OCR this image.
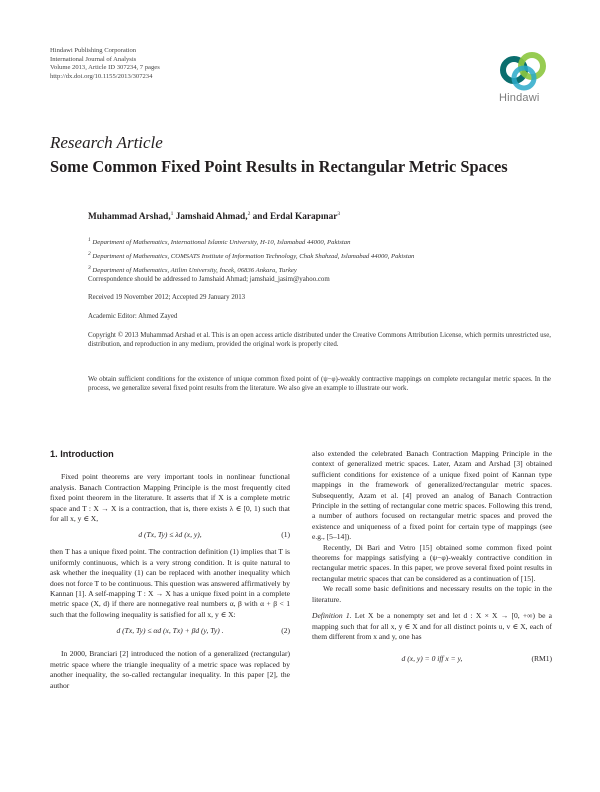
Hindawi Publishing Corporation
International Journal of Analysis
Volume 2013, Article ID 307234, 7 pages
http://dx.doi.org/10.1155/2013/307234
Hindawi
Research Article
Some Common Fixed Point Results in Rectangular Metric Spaces
Muhammad Arshad,$^1$ Jamshaid Ahmad,$^2$ and Erdal Karapınar$^3$
$^1$ Department of Mathematics, International Islamic University, H-10, Islamabad 44000, Pakistan
$^2$ Department of Mathematics, COMSATS Institute of Information Technology, Chak Shahzad, Islamabad 44000, Pakistan
$^3$ Department of Mathematics, Atilim University, İncek, 06836 Ankara, Turkey
Correspondence should be addressed to Jamshaid Ahmad; jamshaid_jasim@yahoo.com
Received 19 November 2012; Accepted 29 January 2013
Academic Editor: Ahmed Zayed
Copyright © 2013 Muhammad Arshad et al. This is an open access article distributed under the Creative Commons Attribution License, which permits unrestricted use, distribution, and reproduction in any medium, provided the original work is properly cited.
We obtain sufficient conditions for the existence of unique common fixed point of (ψ−φ)-weakly contractive mappings on complete rectangular metric spaces. In the process, we generalize several fixed point results from the literature. We also give an example to illustrate our work.
1. Introduction

Fixed point theorems are very important tools in nonlinear functional analysis. Banach Contraction Mapping Principle is the most frequently cited fixed point theorem in the literature. It asserts that if X is a complete metric space and T : X → X is a contraction, that is, there exists λ ∈ [0, 1) such that for all x, y ∈ X,

d (Tx, Ty) ≤ λd (x, y),	(1)

then T has a unique fixed point. The contraction definition (1) implies that T is uniformly continuous, which is a very strong condition. It is quite natural to ask whether the inequality (1) can be replaced with another inequality which does not force T to be continuous. This question was answered affirmatively by Kannan [1]. A self-mapping T : X → X has a unique fixed point in a complete metric space (X, d) if there are nonnegative real numbers α, β with α + β < 1 such that the following inequality is satisfied for all x, y ∈ X:

d (Tx, Ty) ≤ αd (x, Tx) + βd (y, Ty) .	(2)

In 2000, Branciari [2] introduced the notion of a generalized (rectangular) metric space where the triangle inequality of a metric space was replaced by another inequality, the so-called rectangular inequality. In this paper [2], the author

also extended the celebrated Banach Contraction Mapping Principle in the context of generalized metric spaces. Later, Azam and Arshad [3] obtained sufficient conditions for existence of a unique fixed point of Kannan type mappings in the framework of generalized/rectangular metric spaces. Subsequently, Azam et al. [4] proved an analog of Banach Contraction Principle in the setting of rectangular cone metric spaces. Following this trend, a number of authors focused on rectangular metric spaces and proved the existence and uniqueness of a fixed point for certain type of mappings (see e.g., [5–14]).

Recently, Di Bari and Vetro [15] obtained some common fixed point theorems for mappings satisfying a (ψ−φ)-weakly contractive condition in rectangular metric spaces. In this paper, we prove several fixed point results in rectangular metric spaces that can be considered as a continuation of [15].

We recall some basic definitions and necessary results on the topic in the literature.

Definition 1. Let X be a nonempty set and let d : X × X → [0, +∞) be a mapping such that for all x, y ∈ X and for all distinct points u, v ∈ X, each of them different from x and y, one has

d (x, y) = 0 iff x = y,	(RM1)
